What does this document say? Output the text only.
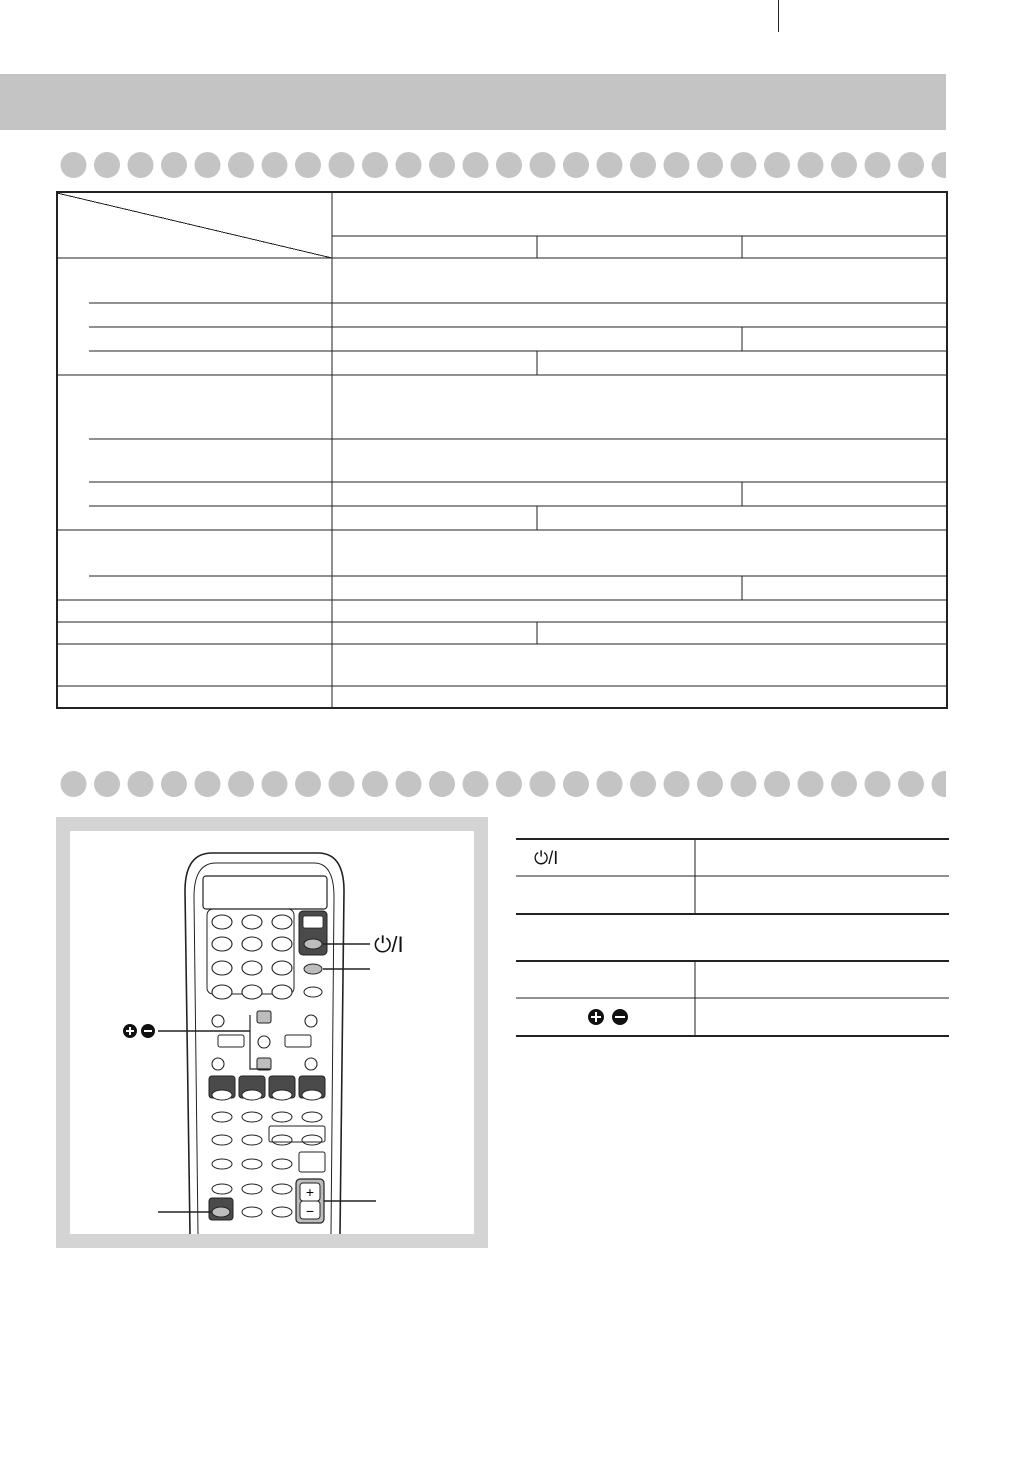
+
−
⏻/I
⏻/I
